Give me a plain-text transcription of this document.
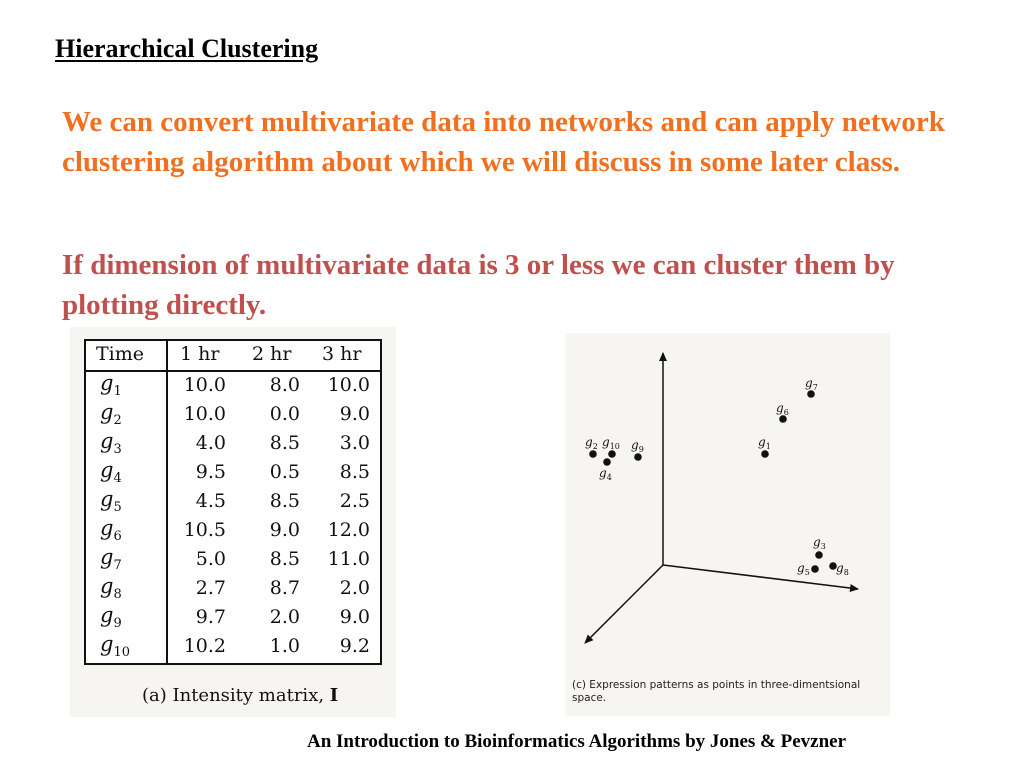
Hierarchical Clustering
We can convert multivariate data into networks and can apply network clustering algorithm about which we will discuss in some later class.
If dimension of multivariate data is 3 or less we can cluster them by plotting directly.
Time 1 hr 2 hr 3 hr
$g_1$	10.0 8.0 10.0
$g_2$	10.0 0.0 9.0
$g_3$	4.0 8.5 3.0
$g_4$	9.5 0.5 8.5
$g_5$	4.5 8.5 2.5
$g_6$	10.5 9.0 12.0
$g_7$	5.0 8.5 11.0
$g_8$	2.7 8.7 2.0
$g_9$	9.7 2.0 9.0
$g_{10}$	10.2 1.0 9.2
(a) Intensity matrix, I
$g_1$
$g_2$
$g_3$
$g_4$
$g_5$
$g_6$
$g_7$
$g_8$
$g_9$
$g_{10}$
(c) Expression patterns as points in three-dimentsional space.
An Introduction to Bioinformatics Algorithms by Jones & Pevzner
